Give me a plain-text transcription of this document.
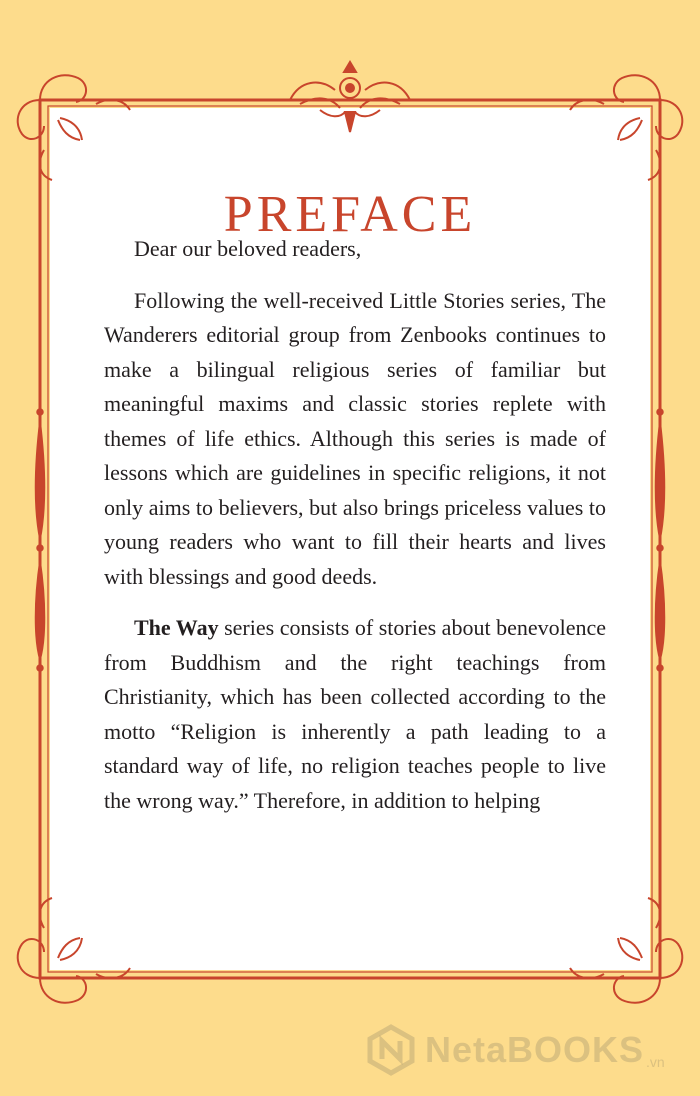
PREFACE

Dear our beloved readers,

Following the well-received Little Stories series, The Wanderers editorial group from Zenbooks continues to make a bilingual religious series of familiar but meaningful maxims and classic stories replete with themes of life ethics. Although this series is made of lessons which are guidelines in specific religions, it not only aims to believers, but also brings priceless values to young readers who want to fill their hearts and lives with blessings and good deeds.

The Way series consists of stories about benevolence from Buddhism and the right teachings from Christianity, which has been collected according to the motto “Religion is inherently a path leading to a standard way of life, no religion teaches people to live the wrong way.” Therefore, in addition to helping

NetaBOOKS .vn
